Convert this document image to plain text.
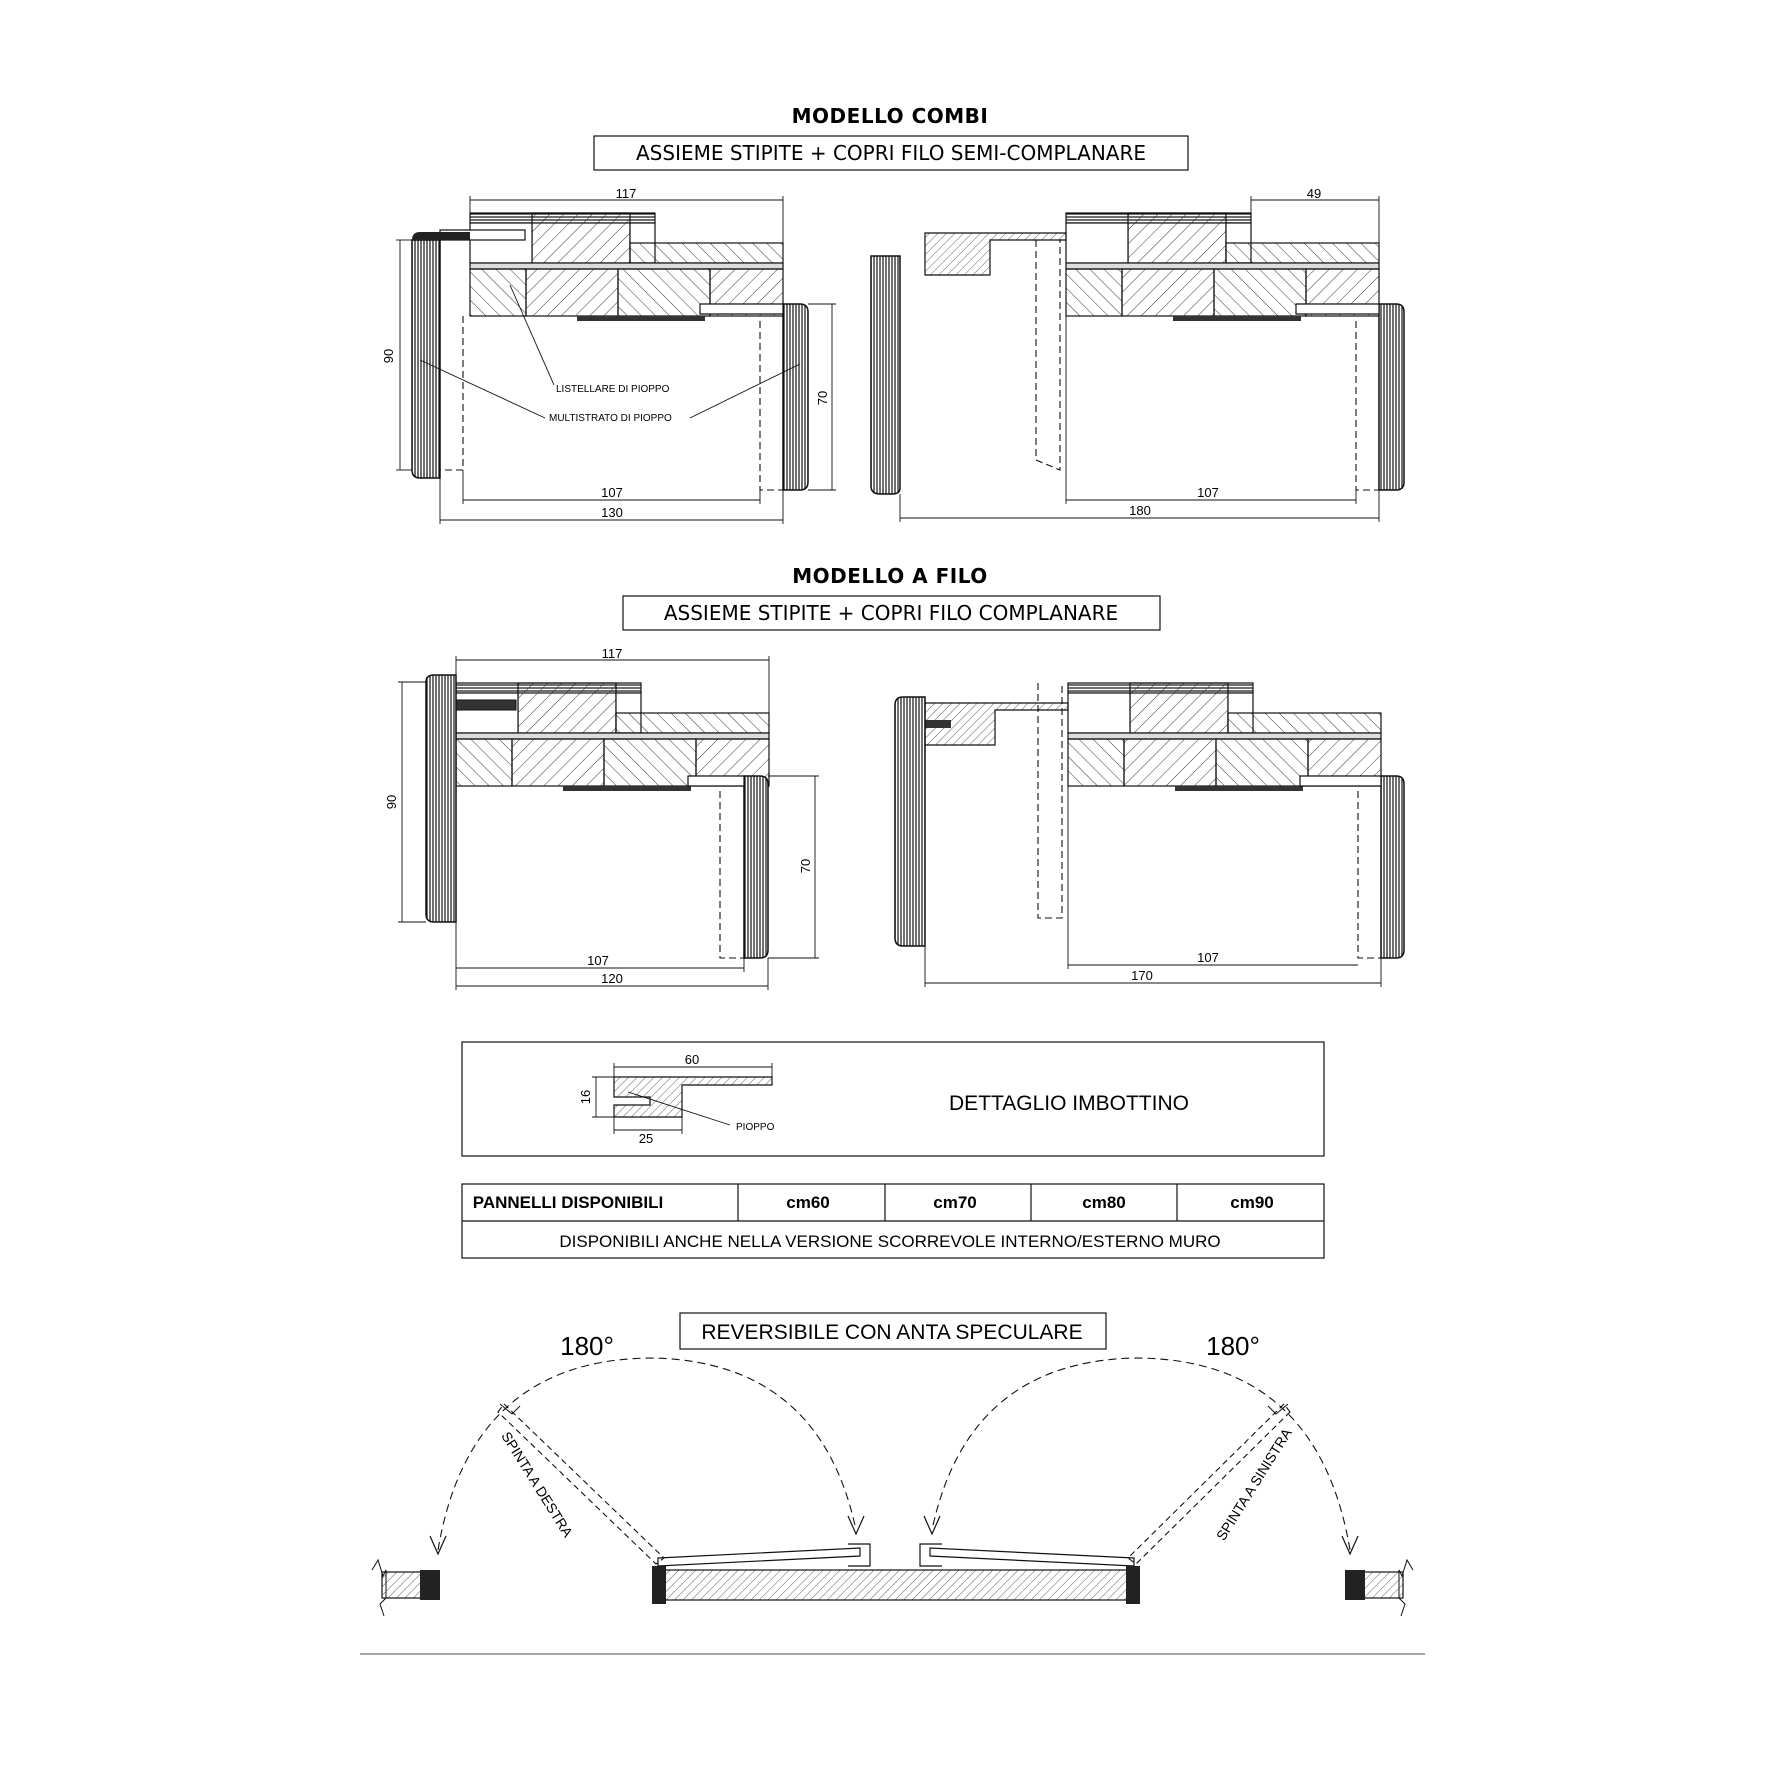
MODELLO COMBI
ASSIEME STIPITE + COPRI FILO SEMI-COMPLANARE
117
90
70
107
130
LISTELLARE DI PIOPPO
MULTISTRATO DI PIOPPO
49
107
180
MODELLO A FILO
ASSIEME STIPITE + COPRI FILO COMPLANARE
117
90
70
107
120
107
170
60
16
25
PIOPPO
DETTAGLIO IMBOTTINO
PANNELLI DISPONIBILI	cm60	cm70	cm80	cm90
DISPONIBILI ANCHE NELLA VERSIONE SCORREVOLE INTERNO/ESTERNO MURO
REVERSIBILE CON ANTA SPECULARE
180°	180°
SPINTA A DESTRA	SPINTA A SINISTRA
